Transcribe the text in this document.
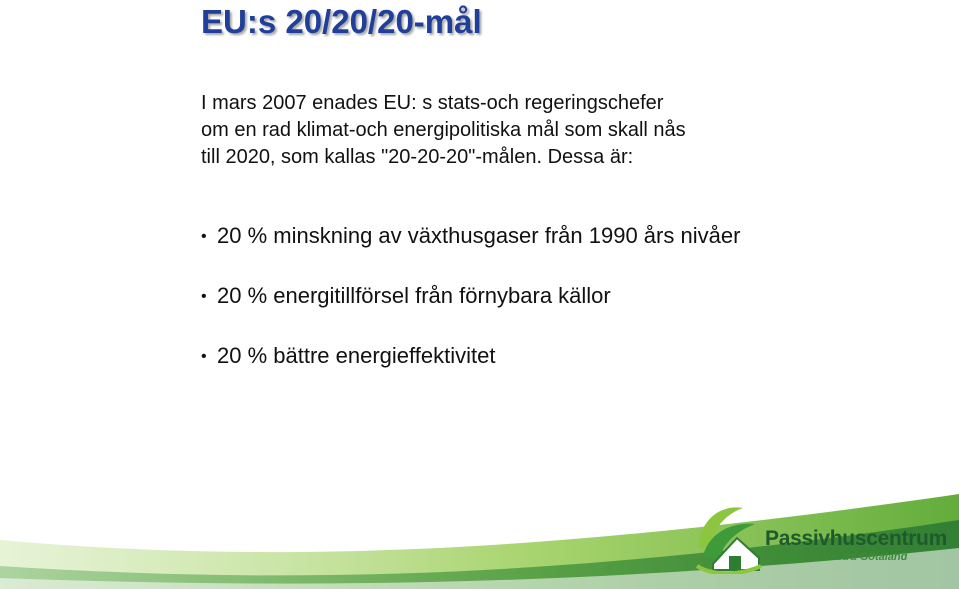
EU:s 20/20/20-mål

I mars 2007 enades EU: s stats-och regeringschefer
om en rad klimat-och energipolitiska mål som skall nås
till 2020, som kallas "20-20-20"-målen. Dessa är:

• 20 % minskning av växthusgaser från 1990 års nivåer
• 20 % energitillförsel från förnybara källor
• 20 % bättre energieffektivitet
Passivhuscentrum
Västra Götaland
